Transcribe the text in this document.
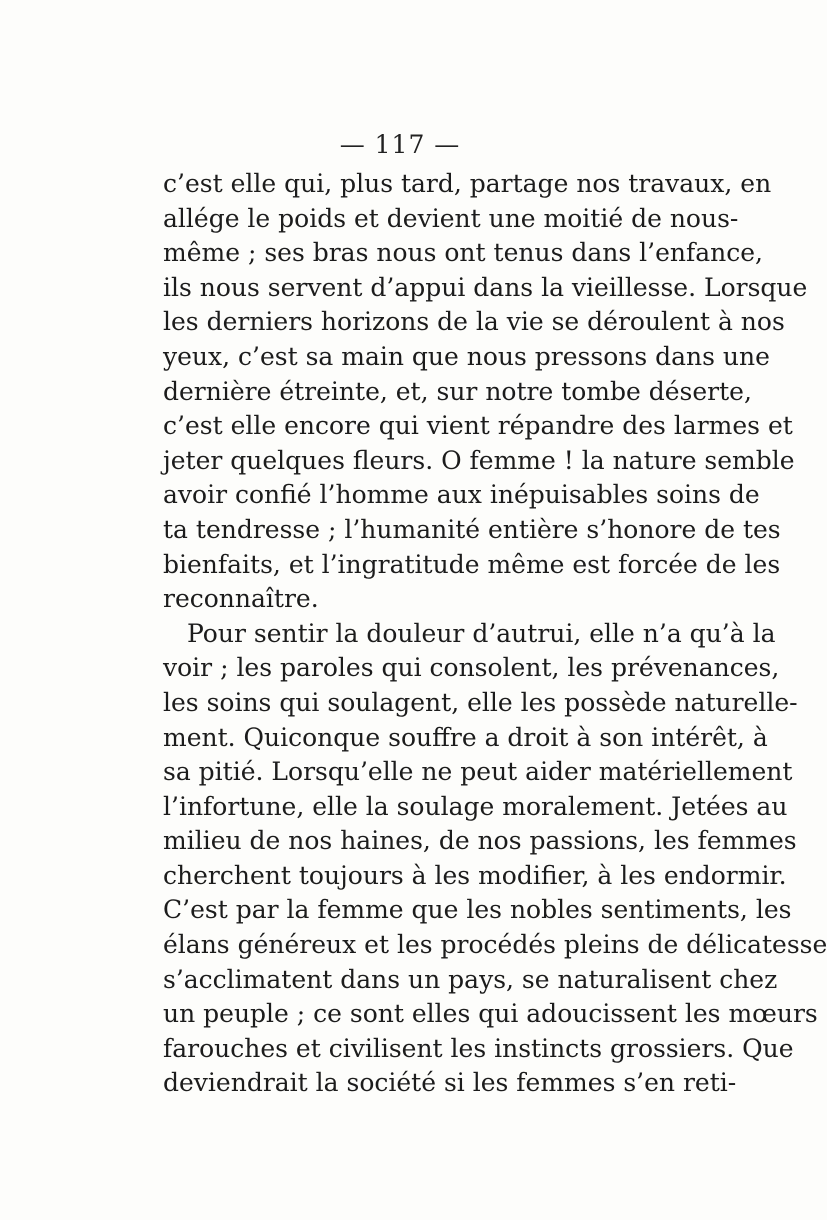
— 117 —
c’est elle qui, plus tard, partage nos travaux, en
allége le poids et devient une moitié de nous-
même ; ses bras nous ont tenus dans l’enfance,
ils nous servent d’appui dans la vieillesse. Lorsque
les derniers horizons de la vie se déroulent à nos
yeux, c’est sa main que nous pressons dans une
dernière étreinte, et, sur notre tombe déserte,
c’est elle encore qui vient répandre des larmes et
jeter quelques fleurs. O femme ! la nature semble
avoir confié l’homme aux inépuisables soins de
ta tendresse ; l’humanité entière s’honore de tes
bienfaits, et l’ingratitude même est forcée de les
reconnaître.
Pour sentir la douleur d’autrui, elle n’a qu’à la
voir ; les paroles qui consolent, les prévenances,
les soins qui soulagent, elle les possède naturelle-
ment. Quiconque souffre a droit à son intérêt, à
sa pitié. Lorsqu’elle ne peut aider matériellement
l’infortune, elle la soulage moralement. Jetées au
milieu de nos haines, de nos passions, les femmes
cherchent toujours à les modifier, à les endormir.
C’est par la femme que les nobles sentiments, les
élans généreux et les procédés pleins de délicatesse
s’acclimatent dans un pays, se naturalisent chez
un peuple ; ce sont elles qui adoucissent les mœurs
farouches et civilisent les instincts grossiers. Que
deviendrait la société si les femmes s’en reti-
